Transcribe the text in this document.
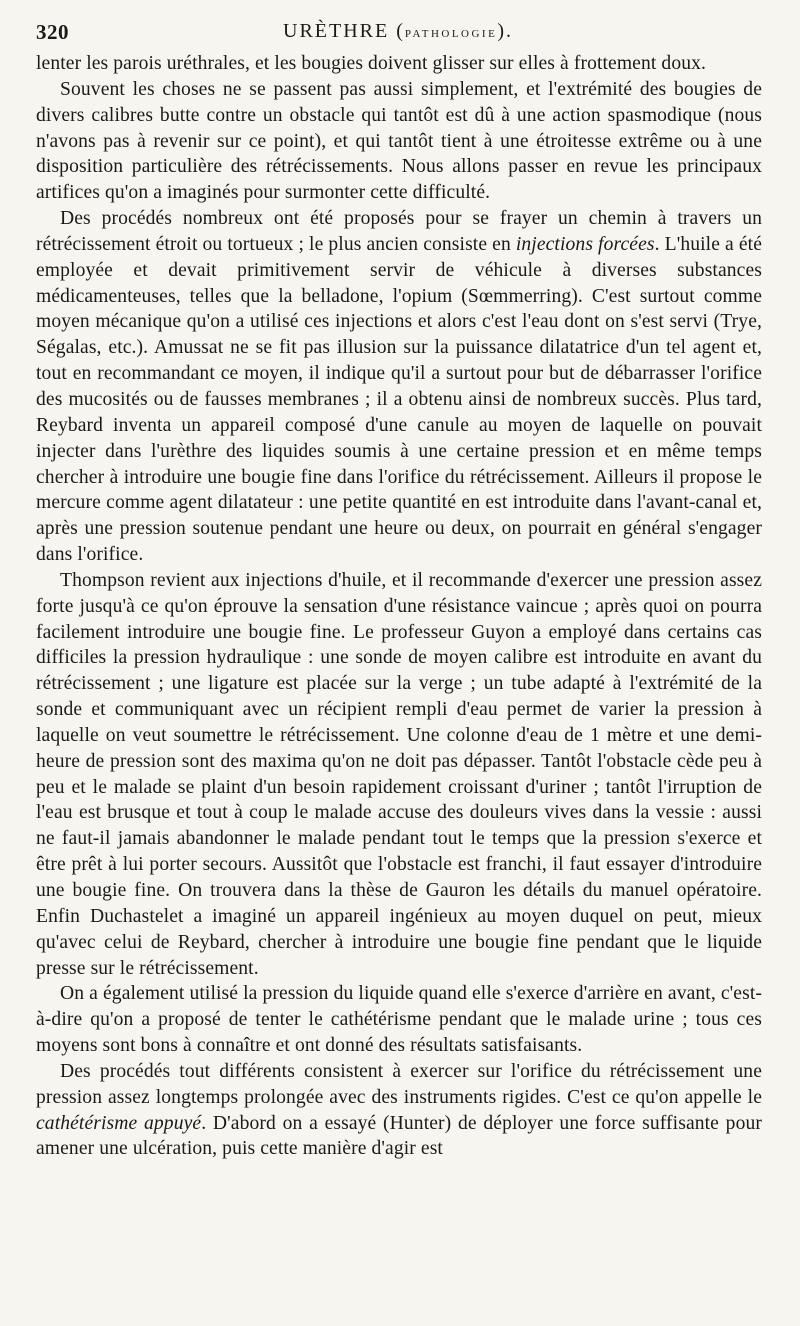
320	URÈTHRE (pathologie).

lenter les parois uréthrales, et les bougies doivent glisser sur elles à frottement doux.

Souvent les choses ne se passent pas aussi simplement, et l'extrémité des bougies de divers calibres butte contre un obstacle qui tantôt est dû à une action spasmodique (nous n'avons pas à revenir sur ce point), et qui tantôt tient à une étroitesse extrême ou à une disposition particulière des rétrécissements. Nous allons passer en revue les principaux artifices qu'on a imaginés pour surmonter cette difficulté.

Des procédés nombreux ont été proposés pour se frayer un chemin à travers un rétrécissement étroit ou tortueux ; le plus ancien consiste en injections forcées. L'huile a été employée et devait primitivement servir de véhicule à diverses substances médicamenteuses, telles que la belladone, l'opium (Sœmmerring). C'est surtout comme moyen mécanique qu'on a utilisé ces injections et alors c'est l'eau dont on s'est servi (Trye, Ségalas, etc.). Amussat ne se fit pas illusion sur la puissance dilatatrice d'un tel agent et, tout en recommandant ce moyen, il indique qu'il a surtout pour but de débarrasser l'orifice des mucosités ou de fausses membranes ; il a obtenu ainsi de nombreux succès. Plus tard, Reybard inventa un appareil composé d'une canule au moyen de laquelle on pouvait injecter dans l'urèthre des liquides soumis à une certaine pression et en même temps chercher à introduire une bougie fine dans l'orifice du rétrécissement. Ailleurs il propose le mercure comme agent dilatateur : une petite quantité en est introduite dans l'avant-canal et, après une pression soutenue pendant une heure ou deux, on pourrait en général s'engager dans l'orifice.

Thompson revient aux injections d'huile, et il recommande d'exercer une pression assez forte jusqu'à ce qu'on éprouve la sensation d'une résistance vaincue ; après quoi on pourra facilement introduire une bougie fine. Le professeur Guyon a employé dans certains cas difficiles la pression hydraulique : une sonde de moyen calibre est introduite en avant du rétrécissement ; une ligature est placée sur la verge ; un tube adapté à l'extrémité de la sonde et communiquant avec un récipient rempli d'eau permet de varier la pression à laquelle on veut soumettre le rétrécissement. Une colonne d'eau de 1 mètre et une demi-heure de pression sont des maxima qu'on ne doit pas dépasser. Tantôt l'obstacle cède peu à peu et le malade se plaint d'un besoin rapidement croissant d'uriner ; tantôt l'irruption de l'eau est brusque et tout à coup le malade accuse des douleurs vives dans la vessie : aussi ne faut-il jamais abandonner le malade pendant tout le temps que la pression s'exerce et être prêt à lui porter secours. Aussitôt que l'obstacle est franchi, il faut essayer d'introduire une bougie fine. On trouvera dans la thèse de Gauron les détails du manuel opératoire. Enfin Duchastelet a imaginé un appareil ingénieux au moyen duquel on peut, mieux qu'avec celui de Reybard, chercher à introduire une bougie fine pendant que le liquide presse sur le rétrécissement.

On a également utilisé la pression du liquide quand elle s'exerce d'arrière en avant, c'est-à-dire qu'on a proposé de tenter le cathétérisme pendant que le malade urine ; tous ces moyens sont bons à connaître et ont donné des résultats satisfaisants.

Des procédés tout différents consistent à exercer sur l'orifice du rétrécissement une pression assez longtemps prolongée avec des instruments rigides. C'est ce qu'on appelle le cathétérisme appuyé. D'abord on a essayé (Hunter) de déployer une force suffisante pour amener une ulcération, puis cette manière d'agir est
